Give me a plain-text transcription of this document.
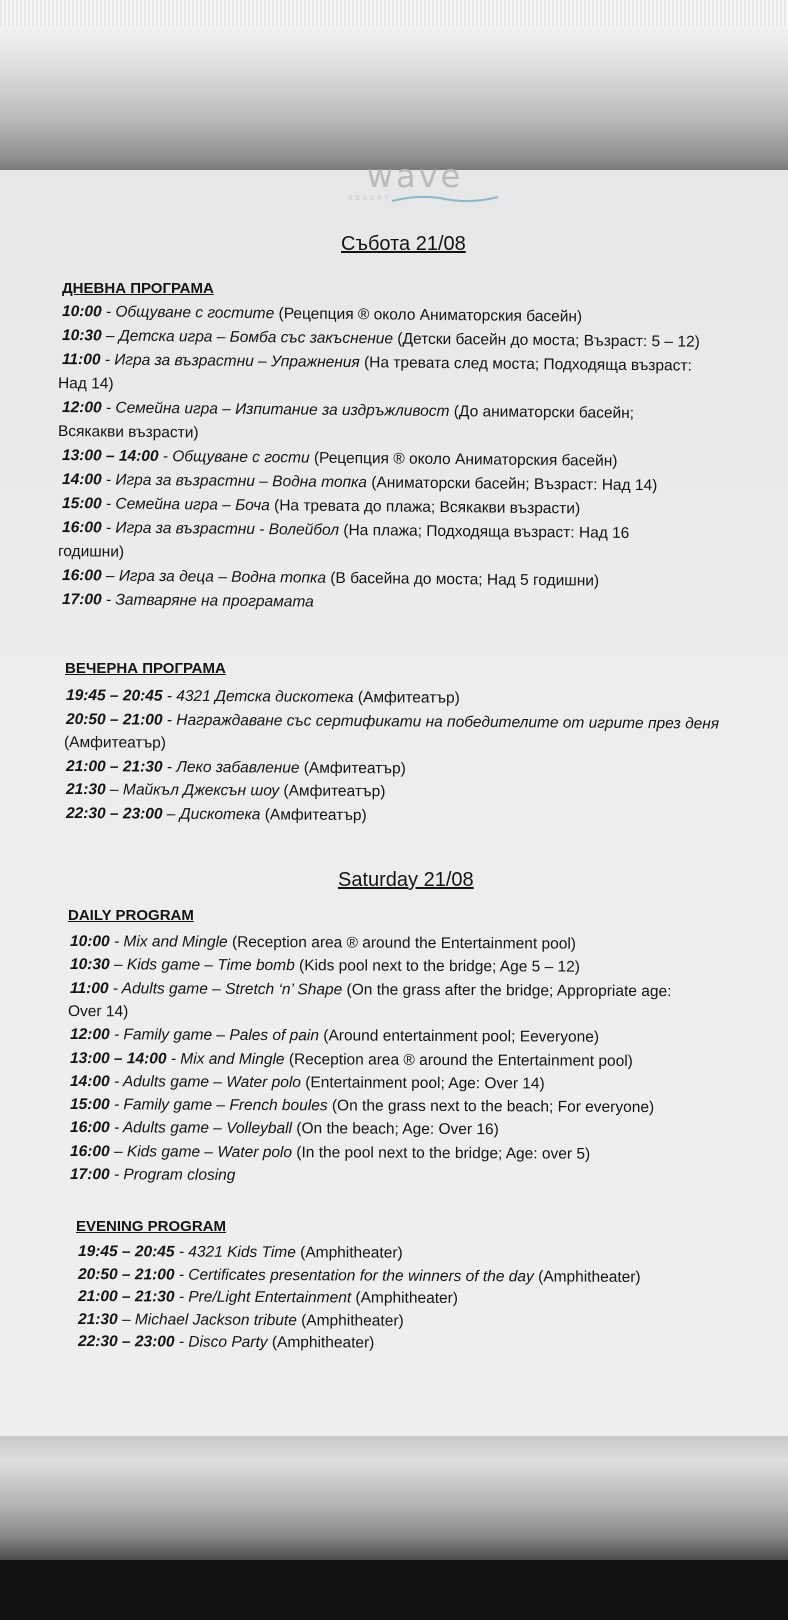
wave
RESORT
Събота 21/08
ДНЕВНА ПРОГРАМА
10:00 - Общуване с гостите (Рецепция ® около Аниматорския басейн)
10:30 – Детска игра – Бомба със закъснение (Детски басейн до моста; Възраст: 5 – 12)
11:00 - Игра за възрастни – Упражнения (На тревата след моста; Подходяща възраст:
Над 14)
12:00 - Семейна игра – Изпитание за издръжливост (До аниматорски басейн;
Всякакви възрасти)
13:00 – 14:00 - Общуване с гости (Рецепция ® около Аниматорския басейн)
14:00 - Игра за възрастни – Водна топка (Аниматорски басейн; Възраст: Над 14)
15:00 - Семейна игра – Боча (На тревата до плажа; Всякакви възрасти)
16:00 - Игра за възрастни - Волейбол (На плажа; Подходяща възраст: Над 16
годишни)
16:00 – Игра за деца – Водна топка (В басейна до моста; Над 5 годишни)
17:00 - Затваряне на програмата
ВЕЧЕРНА ПРОГРАМА
19:45 – 20:45 - 4321 Детска дискотека (Амфитеатър)
20:50 – 21:00 - Награждаване със сертификати на победителите от игрите през деня
(Амфитеатър)
21:00 – 21:30 - Леко забавление (Амфитеатър)
21:30 – Майкъл Джексън шоу (Амфитеатър)
22:30 – 23:00 – Дискотека (Амфитеатър)
Saturday 21/08
DAILY PROGRAM
10:00 - Mix and Mingle (Reception area ® around the Entertainment pool)
10:30 – Kids game – Time bomb (Kids pool next to the bridge; Age 5 – 12)
11:00 - Adults game – Stretch ‘n’ Shape (On the grass after the bridge; Appropriate age:
Over 14)
12:00 - Family game – Pales of pain (Around entertainment pool; Eeveryone)
13:00 – 14:00 - Mix and Mingle (Reception area ® around the Entertainment pool)
14:00 - Adults game – Water polo (Entertainment pool; Age: Over 14)
15:00 - Family game – French boules (On the grass next to the beach; For everyone)
16:00 - Adults game – Volleyball (On the beach; Age: Over 16)
16:00 – Kids game – Water polo (In the pool next to the bridge; Age: over 5)
17:00 - Program closing
EVENING PROGRAM
19:45 – 20:45 - 4321 Kids Time (Amphitheater)
20:50 – 21:00 - Certificates presentation for the winners of the day (Amphitheater)
21:00 – 21:30 - Pre/Light Entertainment (Amphitheater)
21:30 – Michael Jackson tribute (Amphitheater)
22:30 – 23:00 - Disco Party (Amphitheater)
